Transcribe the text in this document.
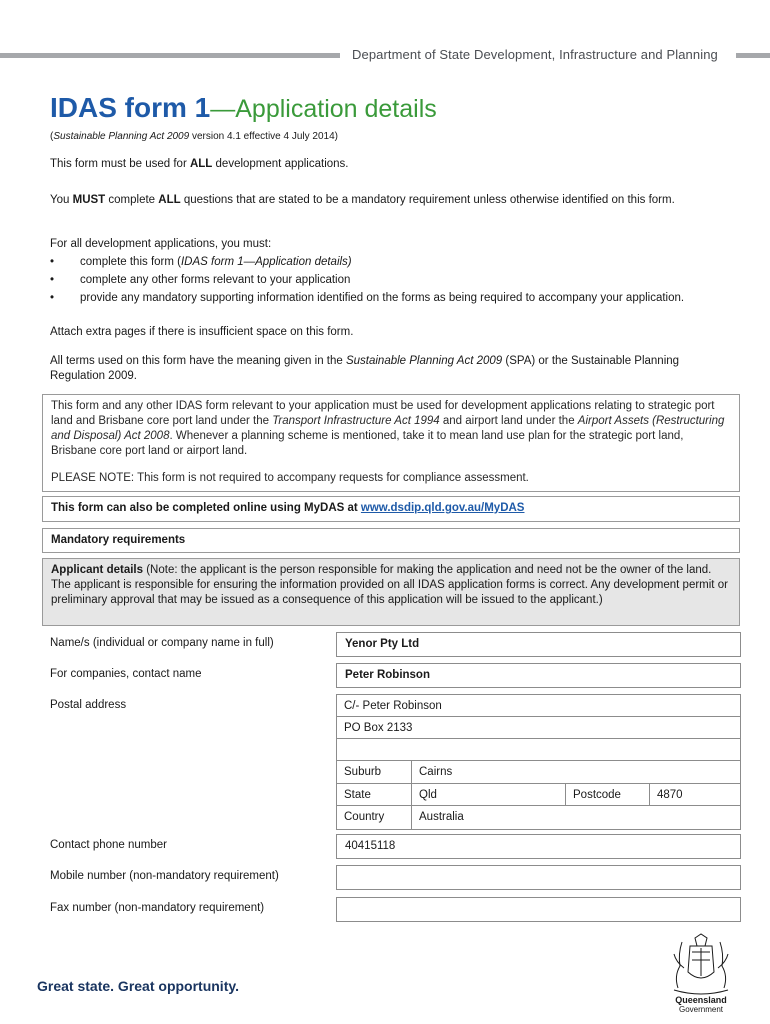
Department of State Development, Infrastructure and Planning
IDAS form 1—Application details
(Sustainable Planning Act 2009 version 4.1 effective 4 July 2014)
This form must be used for ALL development applications.
You MUST complete ALL questions that are stated to be a mandatory requirement unless otherwise identified on this form.
For all development applications, you must:
• complete this form (IDAS form 1—Application details)
• complete any other forms relevant to your application
• provide any mandatory supporting information identified on the forms as being required to accompany your application.
Attach extra pages if there is insufficient space on this form.
All terms used on this form have the meaning given in the Sustainable Planning Act 2009 (SPA) or the Sustainable Planning Regulation 2009.

This form and any other IDAS form relevant to your application must be used for development applications relating to strategic port land and Brisbane core port land under the Transport Infrastructure Act 1994 and airport land under the Airport Assets (Restructuring and Disposal) Act 2008. Whenever a planning scheme is mentioned, take it to mean land use plan for the strategic port land, Brisbane core port land or airport land.

PLEASE NOTE: This form is not required to accompany requests for compliance assessment.

This form can also be completed online using MyDAS at www.dsdip.qld.gov.au/MyDAS
Mandatory requirements
Applicant details (Note: the applicant is the person responsible for making the application and need not be the owner of the land. The applicant is responsible for ensuring the information provided on all IDAS application forms is correct. Any development permit or preliminary approval that may be issued as a consequence of this application will be issued to the applicant.)
Name/s (individual or company name in full)	Yenor Pty Ltd
For companies, contact name	Peter Robinson
Postal address	C/- Peter Robinson
PO Box 2133
Suburb	Cairns
State	Qld	Postcode	4870
Country	Australia
Contact phone number	40415118
Mobile number (non-mandatory requirement)
Fax number (non-mandatory requirement)
Great state. Great opportunity.
Queensland
Government
